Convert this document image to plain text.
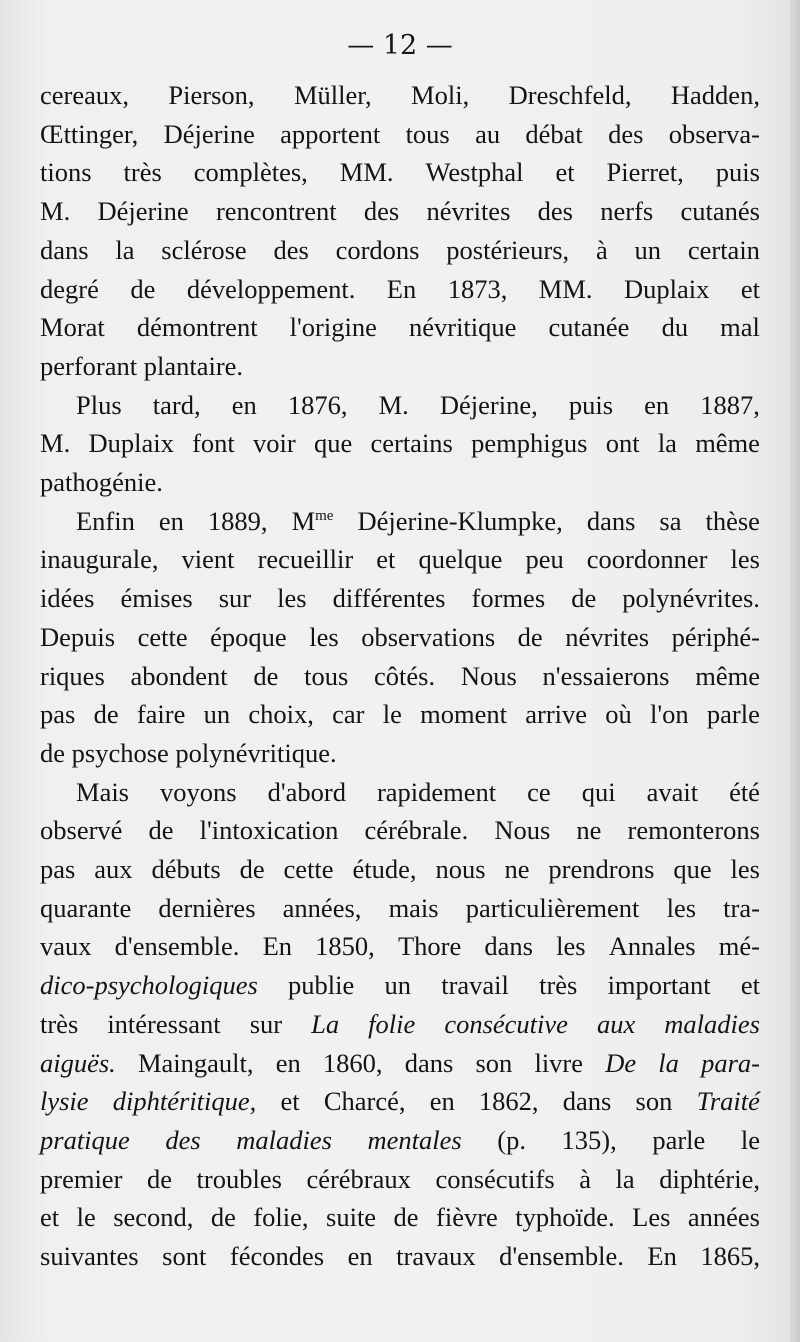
— 12 —
cereaux, Pierson, Müller, Moli, Dreschfeld, Hadden,
Œttinger, Déjerine apportent tous au débat des observa-
tions très complètes, MM. Westphal et Pierret, puis
M. Déjerine rencontrent des névrites des nerfs cutanés
dans la sclérose des cordons postérieurs, à un certain
degré de développement. En 1873, MM. Duplaix et
Morat démontrent l'origine névritique cutanée du mal
perforant plantaire.
Plus tard, en 1876, M. Déjerine, puis en 1887,
M. Duplaix font voir que certains pemphigus ont la même
pathogénie.
Enfin en 1889, $M^{me}$ Déjerine-Klumpke, dans sa thèse
inaugurale, vient recueillir et quelque peu coordonner les
idées émises sur les différentes formes de polynévrites.
Depuis cette époque les observations de névrites périphé-
riques abondent de tous côtés. Nous n'essaierons même
pas de faire un choix, car le moment arrive où l'on parle
de psychose polynévritique.
Mais voyons d'abord rapidement ce qui avait été
observé de l'intoxication cérébrale. Nous ne remonterons
pas aux débuts de cette étude, nous ne prendrons que les
quarante dernières années, mais particulièrement les tra-
vaux d'ensemble. En 1850, Thore dans les Annales mé-
dico-psychologiques publie un travail très important et
très intéressant sur La folie consécutive aux maladies
aiguës. Maingault, en 1860, dans son livre De la para-
lysie diphtéritique, et Charcé, en 1862, dans son Traité
pratique des maladies mentales (p. 135), parle le
premier de troubles cérébraux consécutifs à la diphtérie,
et le second, de folie, suite de fièvre typhoïde. Les années
suivantes sont fécondes en travaux d'ensemble. En 1865,
